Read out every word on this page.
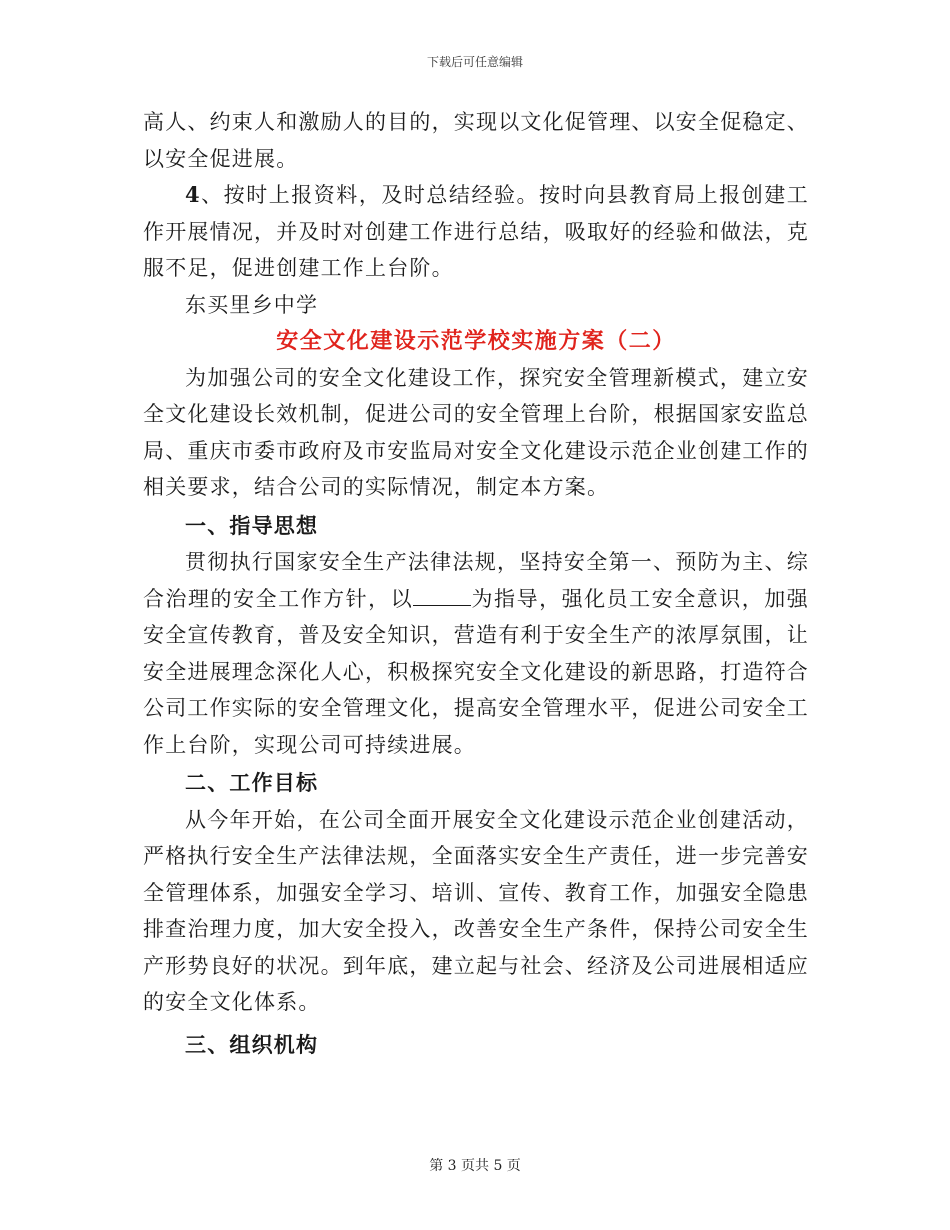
下载后可任意编辑

高人、约束人和激励人的目的，实现以文化促管理、以安全促稳定、以安全促进展。

4、按时上报资料，及时总结经验。按时向县教育局上报创建工作开展情况，并及时对创建工作进行总结，吸取好的经验和做法，克服不足，促进创建工作上台阶。

东买里乡中学

安全文化建设示范学校实施方案（二）

为加强公司的安全文化建设工作，探究安全管理新模式，建立安全文化建设长效机制，促进公司的安全管理上台阶，根据国家安监总局、重庆市委市政府及市安监局对安全文化建设示范企业创建工作的相关要求，结合公司的实际情况，制定本方案。

一、指导思想

贯彻执行国家安全生产法律法规，坚持安全第一、预防为主、综合治理的安全工作方针，以	为指导，强化员工安全意识，加强安全宣传教育，普及安全知识，营造有利于安全生产的浓厚氛围，让安全进展理念深化人心，积极探究安全文化建设的新思路，打造符合公司工作实际的安全管理文化，提高安全管理水平，促进公司安全工作上台阶，实现公司可持续进展。

二、工作目标

从今年开始，在公司全面开展安全文化建设示范企业创建活动，严格执行安全生产法律法规，全面落实安全生产责任，进一步完善安全管理体系，加强安全学习、培训、宣传、教育工作，加强安全隐患排查治理力度，加大安全投入，改善安全生产条件，保持公司安全生产形势良好的状况。到年底，建立起与社会、经济及公司进展相适应的安全文化体系。

三、组织机构

第 3 页共 5 页
